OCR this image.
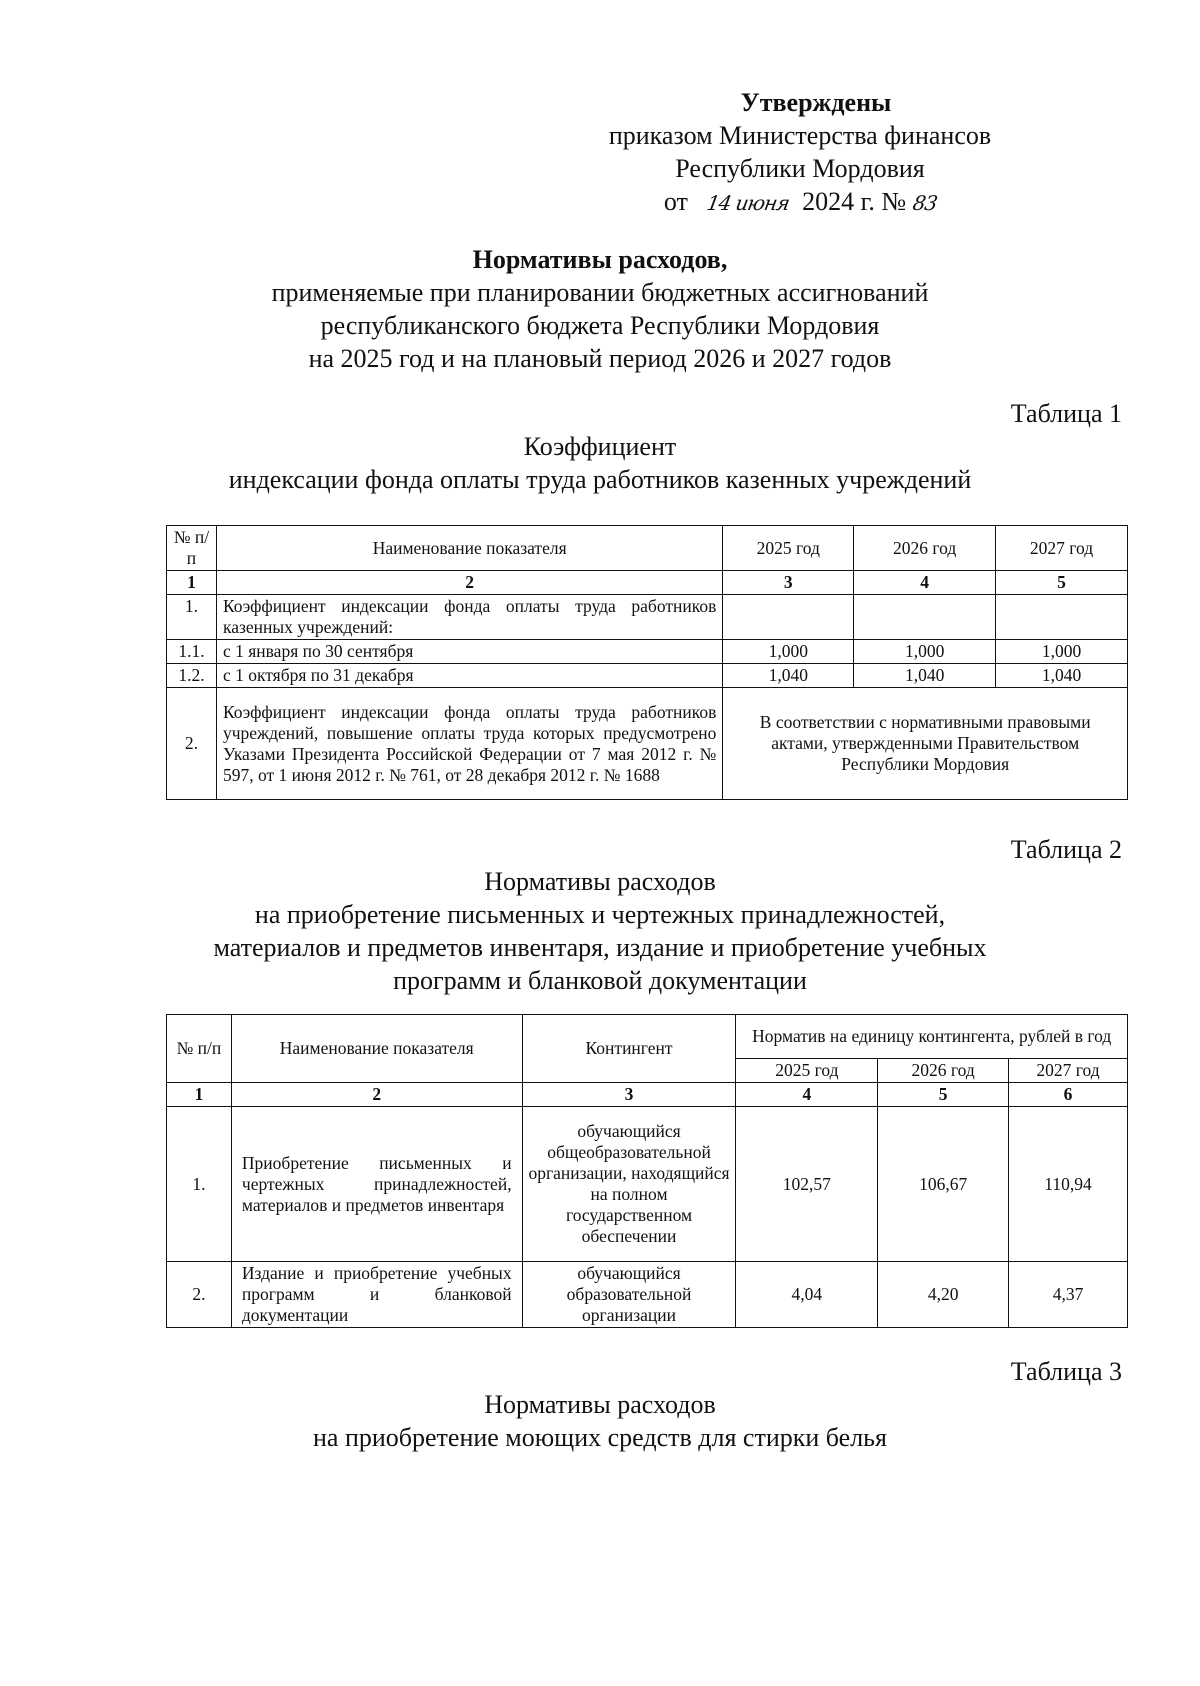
Утверждены
приказом Министерства финансов
Республики Мордовия
от 14 июня 2024 г. № 83
Нормативы расходов,
применяемые при планировании бюджетных ассигнований
республиканского бюджета Республики Мордовия
на 2025 год и на плановый период 2026 и 2027 годов
Таблица 1
Коэффициент
индексации фонда оплаты труда работников казенных учреждений
№ п/п	Наименование показателя	2025 год	2026 год	2027 год
1	2	3	4	5
1.	Коэффициент индексации фонда оплаты труда работников казенных учреждений:			
1.1.	с 1 января по 30 сентября	1,000	1,000	1,000
1.2.	с 1 октября по 31 декабря	1,040	1,040	1,040
2.	Коэффициент индексации фонда оплаты труда работников учреждений, повышение оплаты труда которых предусмотрено Указами Президента Российской Федерации от 7 мая 2012 г. № 597, от 1 июня 2012 г. № 761, от 28 декабря 2012 г. № 1688	В соответствии с нормативными правовыми актами, утвержденными Правительством Республики Мордовия		
Таблица 2
Нормативы расходов
на приобретение письменных и чертежных принадлежностей,
материалов и предметов инвентаря, издание и приобретение учебных
программ и бланковой документации
№ п/п	Наименование показателя	Контингент	Норматив на единицу контингента, рублей в год		
			2025 год	2026 год	2027 год
1	2	3	4	5	6
1.	Приобретение письменных и чертежных принадлежностей, материалов и предметов инвентаря	обучающийся общеобразовательной организации, находящийся на полном государственном обеспечении	102,57	106,67	110,94
2.	Издание и приобретение учебных программ и бланковой документации	обучающийся образовательной организации	4,04	4,20	4,37
Таблица 3
Нормативы расходов
на приобретение моющих средств для стирки белья
